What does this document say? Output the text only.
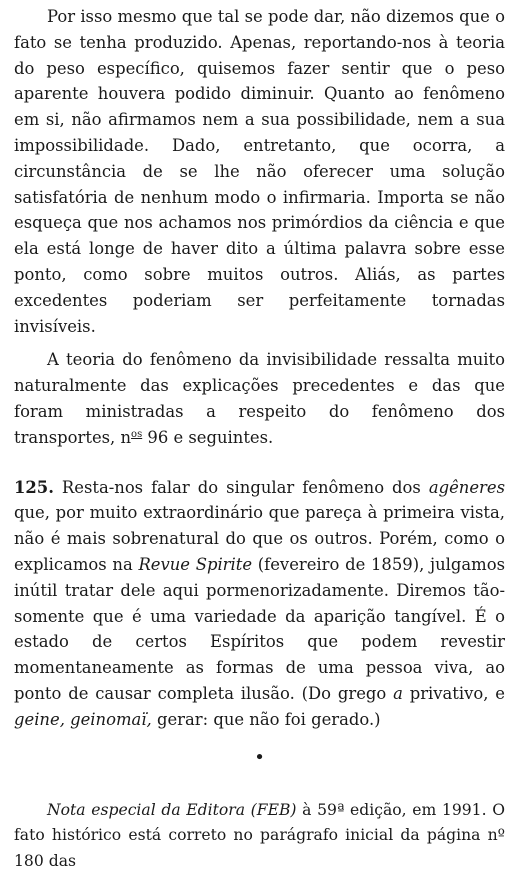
Por isso mesmo que tal se pode dar, não dizemos que o fato se tenha produzido. Apenas, reportando-nos à teoria do peso específico, quisemos fazer sentir que o peso aparente houvera podido diminuir. Quanto ao fenômeno em si, não afirmamos nem a sua possibilidade, nem a sua impossibilidade. Dado, entretanto, que ocorra, a circunstância de se lhe não oferecer uma solução satisfatória de nenhum modo o infirmaria. Importa se não esqueça que nos achamos nos primórdios da ciência e que ela está longe de haver dito a última palavra sobre esse ponto, como sobre muitos outros. Aliás, as partes excedentes poderiam ser perfeitamente tornadas invisíveis.

A teoria do fenômeno da invisibilidade ressalta muito naturalmente das explicações precedentes e das que foram ministradas a respeito do fenômeno dos transportes, $n^{os}$ 96 e seguintes.

125. Resta-nos falar do singular fenômeno dos agêneres que, por muito extraordinário que pareça à primeira vista, não é mais sobrenatural do que os outros. Porém, como o explicamos na Revue Spirite (fevereiro de 1859), julgamos inútil tratar dele aqui pormenorizadamente. Diremos tão-somente que é uma variedade da aparição tangível. É o estado de certos Espíritos que podem revestir momentaneamente as formas de uma pessoa viva, ao ponto de causar completa ilusão. (Do grego a privativo, e geine, geinomaï, gerar: que não foi gerado.)

•

Nota especial da Editora (FEB) à 59ª edição, em 1991. O fato histórico está correto no parágrafo inicial da página nº 180 das
